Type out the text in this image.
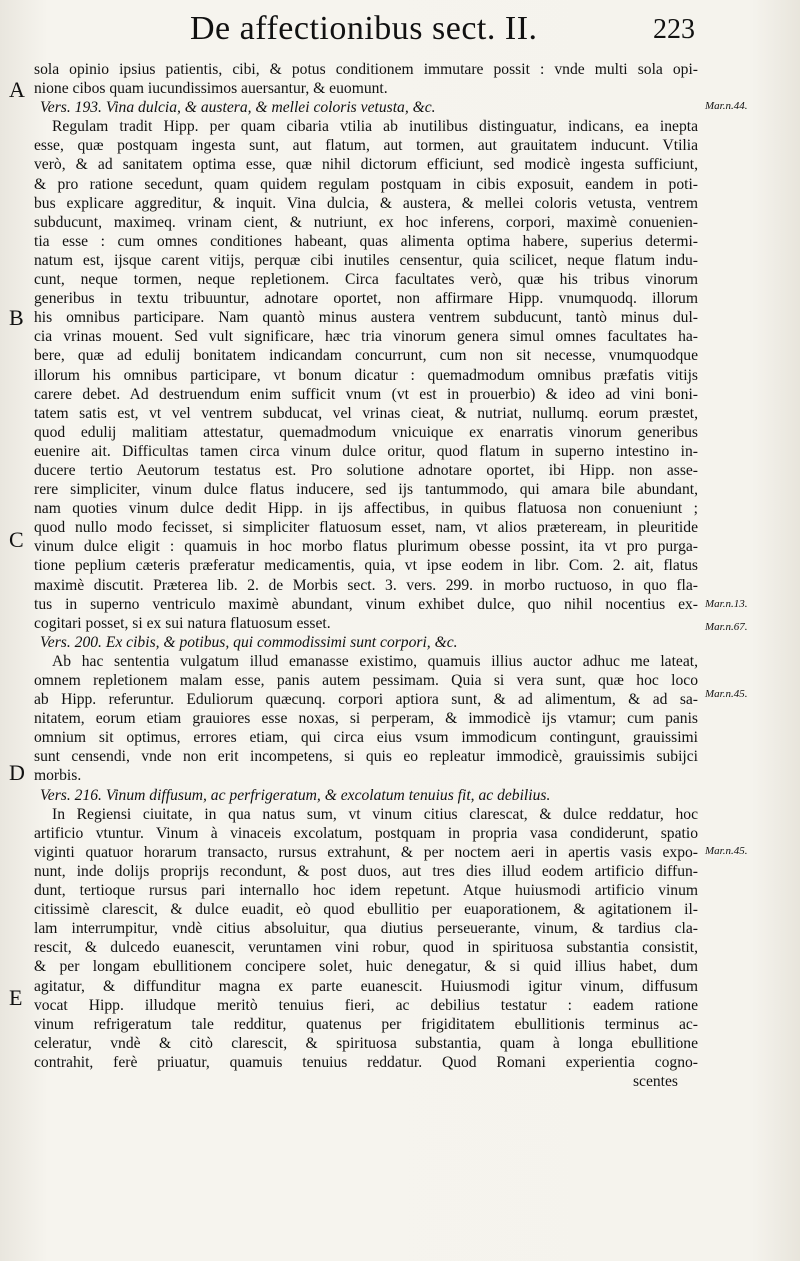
De affectionibus sect. II.	223
A
B
C
D
E
Mar.n.44.
Mar.n.13.
Mar.n.67.
Mar.n.45.
Mar.n.45.
sola opinio ipsius patientis, cibi, & potus conditionem immutare possit : vnde multi sola opi-
nione cibos quam iucundissimos auersantur, & euomunt.
Vers. 193. Vina dulcia, & austera, & mellei coloris vetusta, &c.
Regulam tradit Hipp. per quam cibaria vtilia ab inutilibus distinguatur, indicans, ea inepta
esse, quæ postquam ingesta sunt, aut flatum, aut tormen, aut grauitatem inducunt. Vtilia
verò, & ad sanitatem optima esse, quæ nihil dictorum efficiunt, sed modicè ingesta sufficiunt,
& pro ratione secedunt, quam quidem regulam postquam in cibis exposuit, eandem in poti-
bus explicare aggreditur, & inquit. Vina dulcia, & austera, & mellei coloris vetusta, ventrem
subducunt, maximeq. vrinam cient, & nutriunt, ex hoc inferens, corpori, maximè conuenien-
tia esse : cum omnes conditiones habeant, quas alimenta optima habere, superius determi-
natum est, ijsque carent vitijs, perquæ cibi inutiles censentur, quia scilicet, neque flatum indu-
cunt, neque tormen, neque repletionem. Circa facultates verò, quæ his tribus vinorum
generibus in textu tribuuntur, adnotare oportet, non affirmare Hipp. vnumquodq. illorum
his omnibus participare. Nam quantò minus austera ventrem subducunt, tantò minus dul-
cia vrinas mouent. Sed vult significare, hæc tria vinorum genera simul omnes facultates ha-
bere, quæ ad edulij bonitatem indicandam concurrunt, cum non sit necesse, vnumquodque
illorum his omnibus participare, vt bonum dicatur : quemadmodum omnibus præfatis vitijs
carere debet. Ad destruendum enim sufficit vnum (vt est in prouerbio) & ideo ad vini boni-
tatem satis est, vt vel ventrem subducat, vel vrinas cieat, & nutriat, nullumq. eorum præstet,
quod edulij malitiam attestatur, quemadmodum vnicuique ex enarratis vinorum generibus
euenire ait. Difficultas tamen circa vinum dulce oritur, quod flatum in superno intestino in-
ducere tertio Aeutorum testatus est. Pro solutione adnotare oportet, ibi Hipp. non asse-
rere simpliciter, vinum dulce flatus inducere, sed ijs tantummodo, qui amara bile abundant,
nam quoties vinum dulce dedit Hipp. in ijs affectibus, in quibus flatuosa non conueniunt ;
quod nullo modo fecisset, si simpliciter flatuosum esset, nam, vt alios præteream, in pleuritide
vinum dulce eligit : quamuis in hoc morbo flatus plurimum obesse possint, ita vt pro purga-
tione peplium cæteris præferatur medicamentis, quia, vt ipse eodem in libr. Com. 2. ait, flatus
maximè discutit. Præterea lib. 2. de Morbis sect. 3. vers. 299. in morbo ructuoso, in quo fla-
tus in superno ventriculo maximè abundant, vinum exhibet dulce, quo nihil nocentius ex-
cogitari posset, si ex sui natura flatuosum esset.
Vers. 200. Ex cibis, & potibus, qui commodissimi sunt corpori, &c.
Ab hac sententia vulgatum illud emanasse existimo, quamuis illius auctor adhuc me lateat,
omnem repletionem malam esse, panis autem pessimam. Quia si vera sunt, quæ hoc loco
ab Hipp. referuntur. Eduliorum quæcunq. corpori aptiora sunt, & ad alimentum, & ad sa-
nitatem, eorum etiam grauiores esse noxas, si perperam, & immodicè ijs vtamur; cum panis
omnium sit optimus, errores etiam, qui circa eius vsum immodicum contingunt, grauissimi
sunt censendi, vnde non erit incompetens, si quis eo repleatur immodicè, grauissimis subijci
morbis.
Vers. 216. Vinum diffusum, ac perfrigeratum, & excolatum tenuius fit, ac debilius.
In Regiensi ciuitate, in qua natus sum, vt vinum citius clarescat, & dulce reddatur, hoc
artificio vtuntur. Vinum à vinaceis excolatum, postquam in propria vasa condiderunt, spatio
viginti quatuor horarum transacto, rursus extrahunt, & per noctem aeri in apertis vasis expo-
nunt, inde dolijs proprijs recondunt, & post duos, aut tres dies illud eodem artificio diffun-
dunt, tertioque rursus pari internallo hoc idem repetunt. Atque huiusmodi artificio vinum
citissimè clarescit, & dulce euadit, eò quod ebullitio per euaporationem, & agitationem il-
lam interrumpitur, vndè citius absoluitur, qua diutius perseuerante, vinum, & tardius cla-
rescit, & dulcedo euanescit, veruntamen vini robur, quod in spirituosa substantia consistit,
& per longam ebullitionem concipere solet, huic denegatur, & si quid illius habet, dum
agitatur, & diffunditur magna ex parte euanescit. Huiusmodi igitur vinum, diffusum
vocat Hipp. illudque meritò tenuius fieri, ac debilius testatur : eadem ratione
vinum refrigeratum tale redditur, quatenus per frigiditatem ebullitionis terminus ac-
celeratur, vndè & citò clarescit, & spirituosa substantia, quam à longa ebullitione
contrahit, ferè priuatur, quamuis tenuius reddatur. Quod Romani experientia cogno-
scentes
